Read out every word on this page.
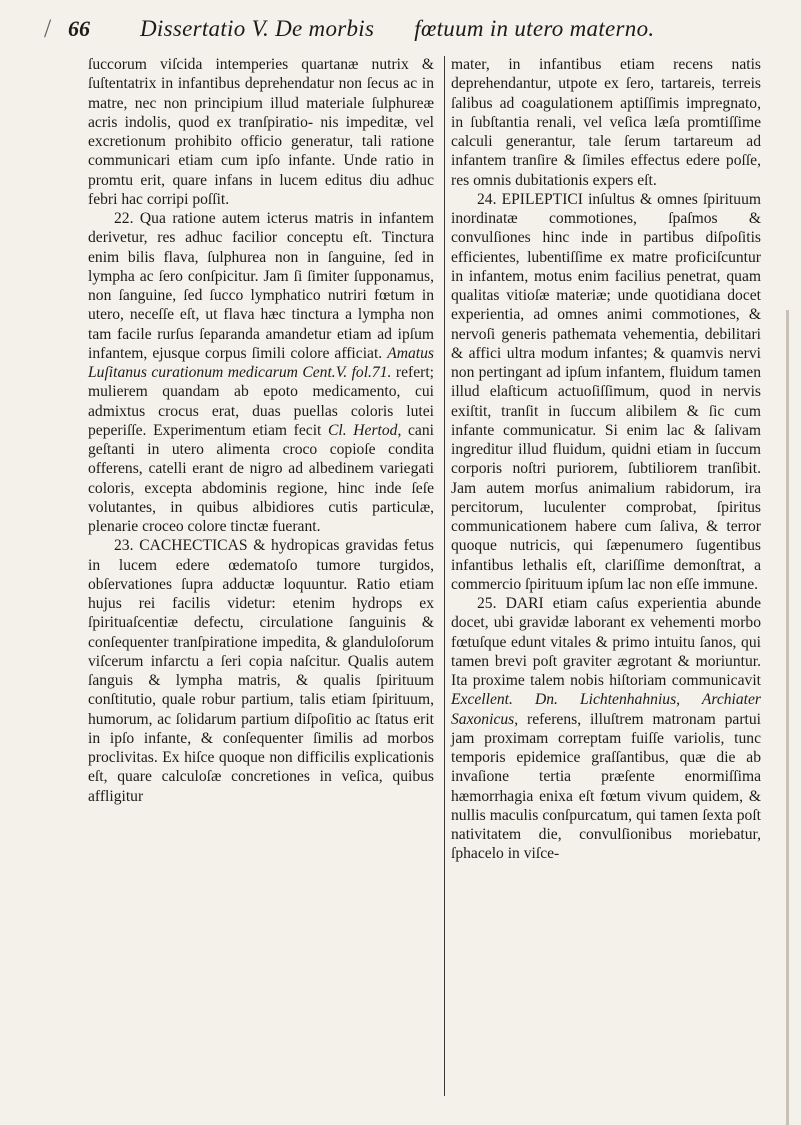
/ 66 Dissertatio V. De morbis fœtuum in utero materno.

ſuccorum viſcida intemperies quartanæ nutrix & ſuſtentatrix in infantibus deprehendatur non ſecus ac in matre, nec non principium illud materiale ſulphureæ acris indolis, quod ex tranſpiratio- nis impeditæ, vel excretionum prohibito officio generatur, tali ratione communicari etiam cum ipſo infante. Unde ratio in promtu erit, quare infans in lucem editus diu adhuc febri hac corripi poſſit.

22. Qua ratione autem icterus matris in infantem derivetur, res adhuc facilior conceptu eſt. Tinctura enim bilis flava, ſulphurea non in ſanguine, ſed in lympha ac ſero conſpicitur. Jam ſi ſimiter ſupponamus, non ſanguine, ſed ſucco lymphatico nutriri fœtum in utero, neceſſe eſt, ut flava hæc tinctura a lympha non tam facile rurſus ſeparanda amandetur etiam ad ipſum infantem, ejusque corpus ſimili colore afficiat. Amatus Luſitanus curationum medicarum Cent.V. fol.71. refert; mulierem quandam ab epoto medicamento, cui admixtus crocus erat, duas puellas coloris lutei peperiſſe. Experimentum etiam fecit Cl. Hertod, cani geſtanti in utero alimenta croco copioſe condita offerens, catelli erant de nigro ad albedinem variegati coloris, excepta abdominis regione, hinc inde ſeſe volutantes, in quibus albidiores cutis particulæ, plenarie croceo colore tinctæ fuerant.

23. CACHECTICAS & hydropicas gravidas fetus in lucem edere œdematoſo tumore turgidos, obſervationes ſupra adductæ loquuntur. Ratio etiam hujus rei facilis videtur: etenim hydrops ex ſpirituaſcentiæ defectu, circulatione ſanguinis & conſequenter tranſpiratione impedita, & glanduloſorum viſcerum infarctu a ſeri copia naſcitur. Qualis autem ſanguis & lympha matris, & qualis ſpirituum conſtitutio, quale robur partium, talis etiam ſpirituum, humorum, ac ſolidarum partium diſpoſitio ac ſtatus erit in ipſo infante, & conſequenter ſimilis ad morbos proclivitas. Ex hiſce quoque non difficilis explicationis eſt, quare calculoſæ concretiones in veſica, quibus affligitur

mater, in infantibus etiam recens natis deprehendantur, utpote ex ſero, tartareis, terreis ſalibus ad coagulationem aptiſſimis impregnato, in ſubſtantia renali, vel veſica læſa promtiſſime calculi generantur, tale ſerum tartareum ad infantem tranſire & ſimiles effectus edere poſſe, res omnis dubitationis expers eſt.

24. EPILEPTICI inſultus & omnes ſpirituum inordinatæ commotiones, ſpaſmos & convulſiones hinc inde in partibus diſpoſitis efficientes, lubentiſſime ex matre proficiſcuntur in infantem, motus enim facilius penetrat, quam qualitas vitioſæ materiæ; unde quotidiana docet experientia, ad omnes animi commotiones, & nervoſi generis pathemata vehementia, debilitari & affici ultra modum infantes; & quamvis nervi non pertingant ad ipſum infantem, fluidum tamen illud elaſticum actuoſiſſimum, quod in nervis exiſtit, tranſit in ſuccum alibilem & ſic cum infante communicatur. Si enim lac & ſalivam ingreditur illud fluidum, quidni etiam in ſuccum corporis noſtri puriorem, ſubtiliorem tranſibit. Jam autem morſus animalium rabidorum, ira percitorum, luculenter comprobat, ſpiritus communicationem habere cum ſaliva, & terror quoque nutricis, qui ſæpenumero ſugentibus infantibus lethalis eſt, clariſſime demonſtrat, a commercio ſpirituum ipſum lac non eſſe immune.

25. DARI etiam caſus experientia abunde docet, ubi gravidæ laborant ex vehementi morbo fœtuſque edunt vitales & primo intuitu ſanos, qui tamen brevi poſt graviter ægrotant & moriuntur. Ita proxime talem nobis hiſtoriam communicavit Excellent. Dn. Lichtenhahnius, Archiater Saxonicus, referens, illuſtrem matronam partui jam proximam correptam fuiſſe variolis, tunc temporis epidemice graſſantibus, quæ die ab invaſione tertia præſente enormiſſima hæmorrhagia enixa eſt fœtum vivum quidem, & nullis maculis conſpurcatum, qui tamen ſexta poſt nativitatem die, convulſionibus moriebatur, ſphacelo in viſce-
